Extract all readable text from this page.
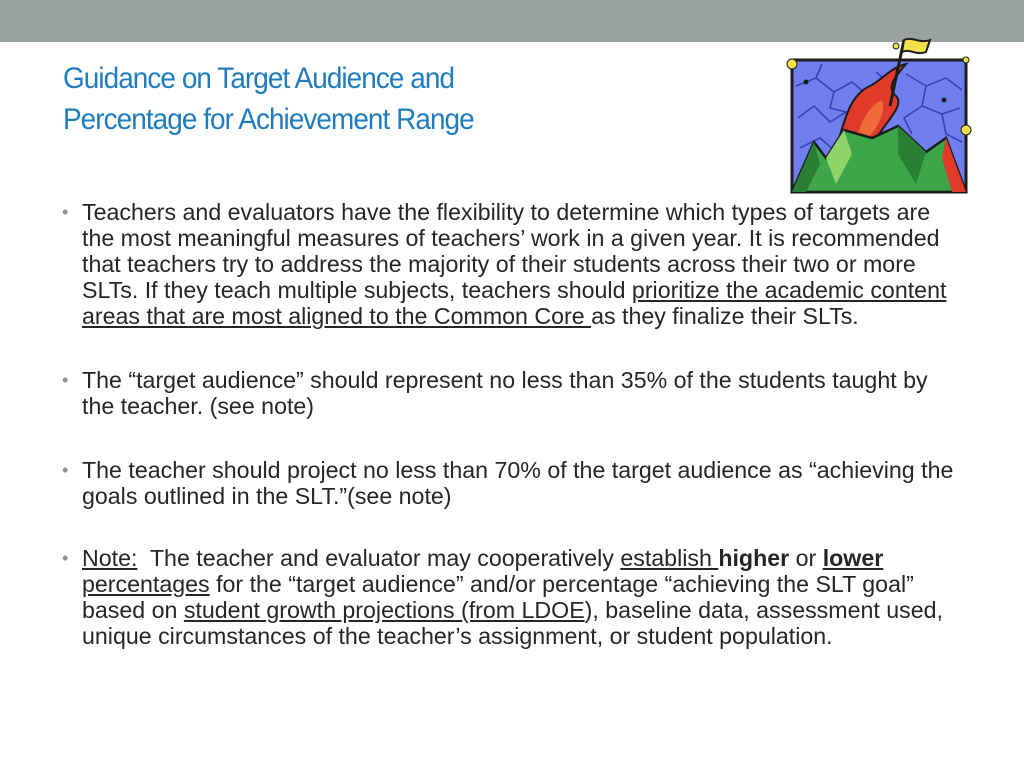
Guidance on Target Audience and
Percentage for Achievement Range

• Teachers and evaluators have the flexibility to determine which types of targets are the most meaningful measures of teachers’ work in a given year. It is recommended that teachers try to address the majority of their students across their two or more SLTs. If they teach multiple subjects, teachers should prioritize the academic content areas that are most aligned to the Common Core as they finalize their SLTs.

• The “target audience” should represent no less than 35% of the students taught by the teacher. (see note)

• The teacher should project no less than 70% of the target audience as “achieving the goals outlined in the SLT.”(see note)

• Note:  The teacher and evaluator may cooperatively establish higher or lower percentages for the “target audience” and/or percentage “achieving the SLT goal” based on student growth projections (from LDOE), baseline data, assessment used, unique circumstances of the teacher’s assignment, or student population.
